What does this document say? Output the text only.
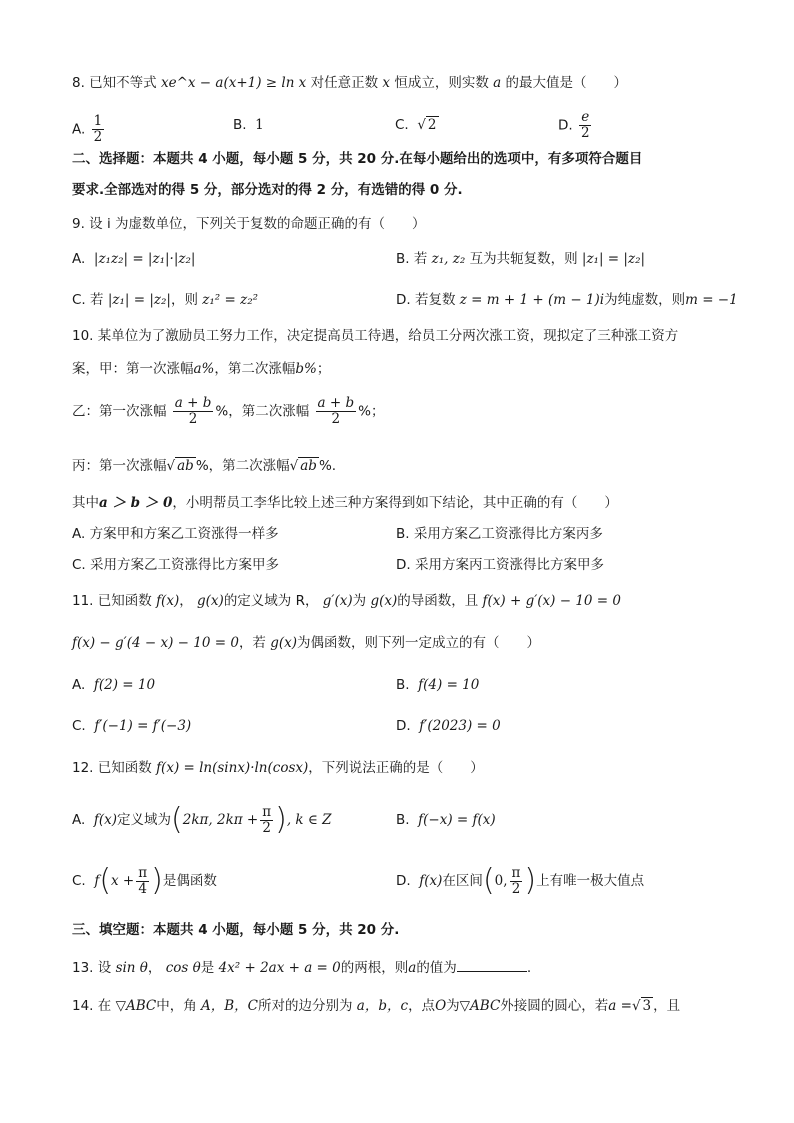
8. 已知不等式 xe^x − a(x+1) ≥ ln x 对任意正数 x 恒成立，则实数 a 的最大值是（　　）
A. $\frac{1}{2}$	B. 1	C. √ 2	D. $\frac{e}{2}$
二、选择题：本题共 4 小题，每小题 5 分，共 20 分.在每小题给出的选项中，有多项符合题目
要求.全部选对的得 5 分，部分选对的得 2 分，有选错的得 0 分.
9. 设 i 为虚数单位，下列关于复数的命题正确的有（　　）
A. |z₁z₂| = |z₁|·|z₂|	B. 若 z₁, z₂ 互为共轭复数，则 |z₁| = |z₂|
C. 若 |z₁| = |z₂|，则 z₁² = z₂²	D. 若复数 z = m + 1 + (m − 1)i为纯虚数，则m = −1
10. 某单位为了激励员工努力工作，决定提高员工待遇，给员工分两次涨工资，现拟定了三种涨工资方
案，甲：第一次涨幅a%，第二次涨幅b%；
乙：第一次涨幅 $\frac{a + b}{2}$ %，第二次涨幅 $\frac{a + b}{2}$ %；
丙：第一次涨幅√ ab %，第二次涨幅√ ab %.
其中a ＞ b ＞ 0，小明帮员工李华比较上述三种方案得到如下结论，其中正确的有（　　）
A. 方案甲和方案乙工资涨得一样多	B. 采用方案乙工资涨得比方案丙多
C. 采用方案乙工资涨得比方案甲多	D. 采用方案丙工资涨得比方案甲多
11. 已知函数 f(x)， g(x)的定义域为 R， g′(x)为 g(x)的导函数，且 f(x) + g′(x) − 10 = 0
f(x) − g′(4 − x) − 10 = 0，若 g(x)为偶函数，则下列一定成立的有（　　）
A. f(2) = 10	B. f(4) = 10
C. f′(−1) = f′(−3)	D. f′(2023) = 0
12. 已知函数 f(x) = ln(sinx)·ln(cosx)，下列说法正确的是（　　）
A. f(x)定义域为(2kπ, $2k\pi + \frac{\pi}{2}$ ), k ∈ Z	B. f(−x) = f(x)
C. $f(x + \frac{\pi}{4}$ )是偶函数	D. f(x)在区间(0, $\frac{\pi}{2}$ )上有唯一极大值点
三、填空题：本题共 4 小题，每小题 5 分，共 20 分.
13. 设 sin θ， cos θ是 4x² + 2ax + a = 0的两根，则a的值为	.
14. 在 ▽ABC中，角 A，B，C所对的边分别为 a，b，c，点O为▽ABC外接圆的圆心，若a =√ 3 ，且
